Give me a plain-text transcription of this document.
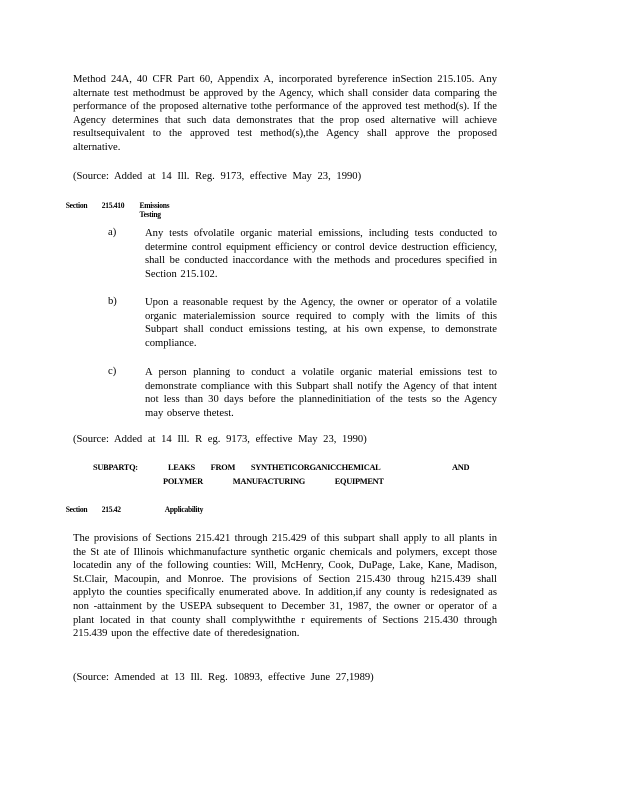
Method 24A, 40 CFR Part 60, Appendix A, incorporated byreference inSection 215.105. Any alternate test methodmust be approved by the Agency, which shall consider data comparing the performance of the proposed alternative tothe performance of the approved test method(s). If the Agency determines that such data demonstrates that the prop osed alternative will achieve resultsequivalent to the approved test method(s),the Agency shall approve the proposed alternative.
(Source: Added at 14 Ill. Reg. 9173, effective May 23, 1990)
Section 215.410 Emissions Testing
a)	Any tests ofvolatile organic material emissions, including tests conducted to determine control equipment efficiency or control device destruction efficiency, shall be conducted inaccordance with the methods and procedures specified in Section 215.102.
b)	Upon a reasonable request by the Agency, the owner or operator of a volatile organic materialemission source required to comply with the limits of this Subpart shall conduct emissions testing, at his own expense, to demonstrate compliance.
c)	A person planning to conduct a volatile organic material emissions test to demonstrate compliance with this Subpart shall notify the Agency of that intent not less than 30 days before the plannedinitiation of the tests so the Agency may observe thetest.
(Source: Added at 14 Ill. R eg. 9173, effective May 23, 1990)
SUBPARTQ:	LEAKS FROM SYNTHETICORGANICCHEMICAL	AND
POLYMER MANUFACTURING EQUIPMENT
Section 215.42	Applicability
The provisions of Sections 215.421 through 215.429 of this subpart shall apply to all plants in the St ate of Illinois whichmanufacture synthetic organic chemicals and polymers, except those locatedin any of the following counties: Will, McHenry, Cook, DuPage, Lake, Kane, Madison, St.Clair, Macoupin, and Monroe. The provisions of Section 215.430 throug h215.439 shall applyto the counties specifically enumerated above. In addition,if any county is redesignated as non -attainment by the USEPA subsequent to December 31, 1987, the owner or operator of a plant located in that county shall complywiththe r equirements of Sections 215.430 through 215.439 upon the effective date of theredesignation.
(Source: Amended at 13 Ill. Reg. 10893, effective June 27,1989)
